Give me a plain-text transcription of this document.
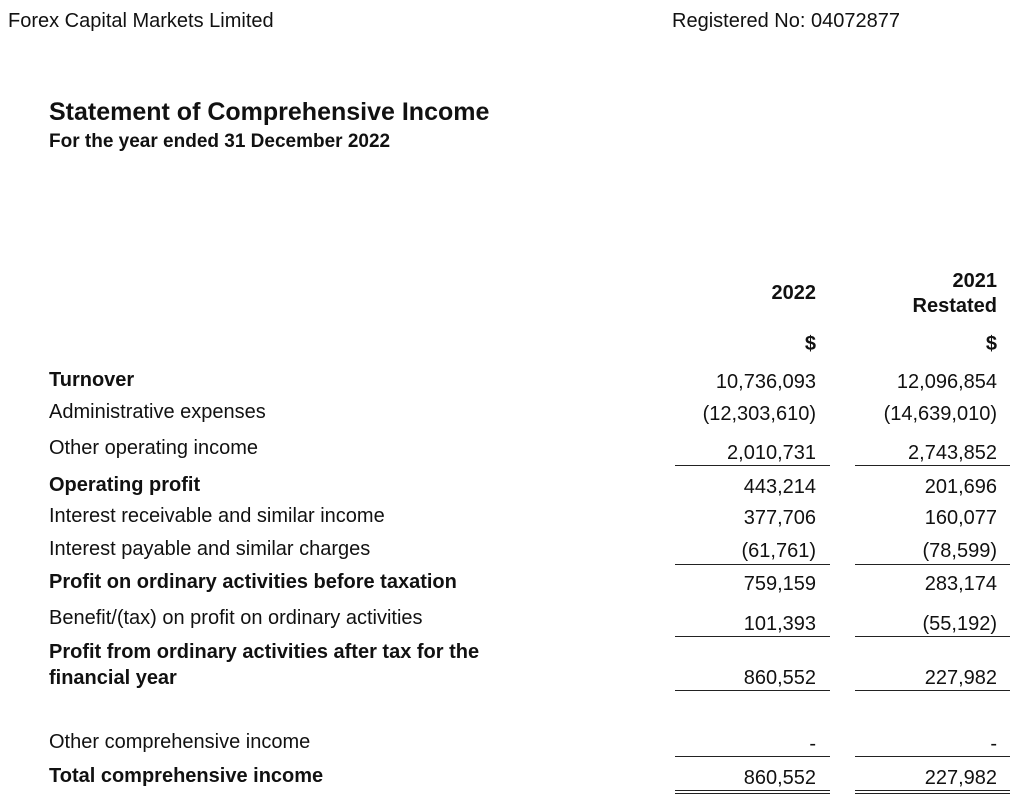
Forex Capital Markets Limited	Registered No: 04072877
Statement of Comprehensive Income
For the year ended 31 December 2022
2022
2021
Restated
$	$
Turnover	10,736,093	12,096,854
Administrative expenses	(12,303,610)	(14,639,010)
Other operating income	2,010,731	2,743,852
Operating profit	443,214	201,696
Interest receivable and similar income	377,706	160,077
Interest payable and similar charges	(61,761)	(78,599)
Profit on ordinary activities before taxation	759,159	283,174
Benefit/(tax) on profit on ordinary activities	101,393	(55,192)
Profit from ordinary activities after tax for the
financial year	860,552	227,982
Other comprehensive income	-	-
Total comprehensive income	860,552	227,982
